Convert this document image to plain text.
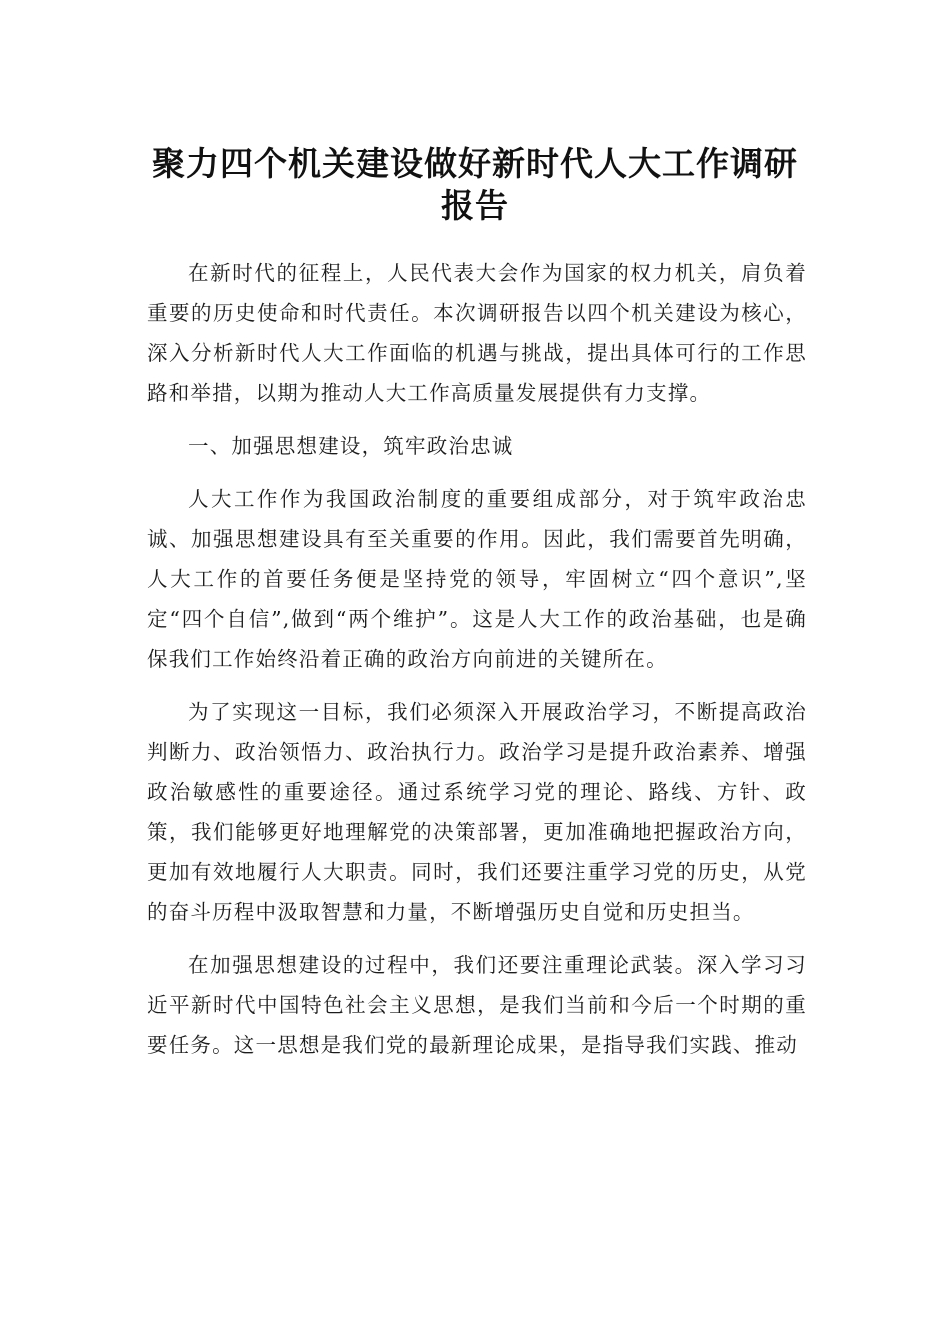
聚力四个机关建设做好新时代人大工作调研报告

在新时代的征程上，人民代表大会作为国家的权力机关，肩负着重要的历史使命和时代责任。本次调研报告以四个机关建设为核心，深入分析新时代人大工作面临的机遇与挑战，提出具体可行的工作思路和举措，以期为推动人大工作高质量发展提供有力支撑。

一、加强思想建设，筑牢政治忠诚

人大工作作为我国政治制度的重要组成部分，对于筑牢政治忠诚、加强思想建设具有至关重要的作用。因此，我们需要首先明确，人大工作的首要任务便是坚持党的领导，牢固树立“四个意识”,坚定“四个自信”,做到“两个维护”。这是人大工作的政治基础，也是确保我们工作始终沿着正确的政治方向前进的关键所在。

为了实现这一目标，我们必须深入开展政治学习，不断提高政治判断力、政治领悟力、政治执行力。政治学习是提升政治素养、增强政治敏感性的重要途径。通过系统学习党的理论、路线、方针、政策，我们能够更好地理解党的决策部署，更加准确地把握政治方向，更加有效地履行人大职责。同时，我们还要注重学习党的历史，从党的奋斗历程中汲取智慧和力量，不断增强历史自觉和历史担当。

在加强思想建设的过程中，我们还要注重理论武装。深入学习习近平新时代中国特色社会主义思想，是我们当前和今后一个时期的重要任务。这一思想是我们党的最新理论成果，是指导我们实践、推动
